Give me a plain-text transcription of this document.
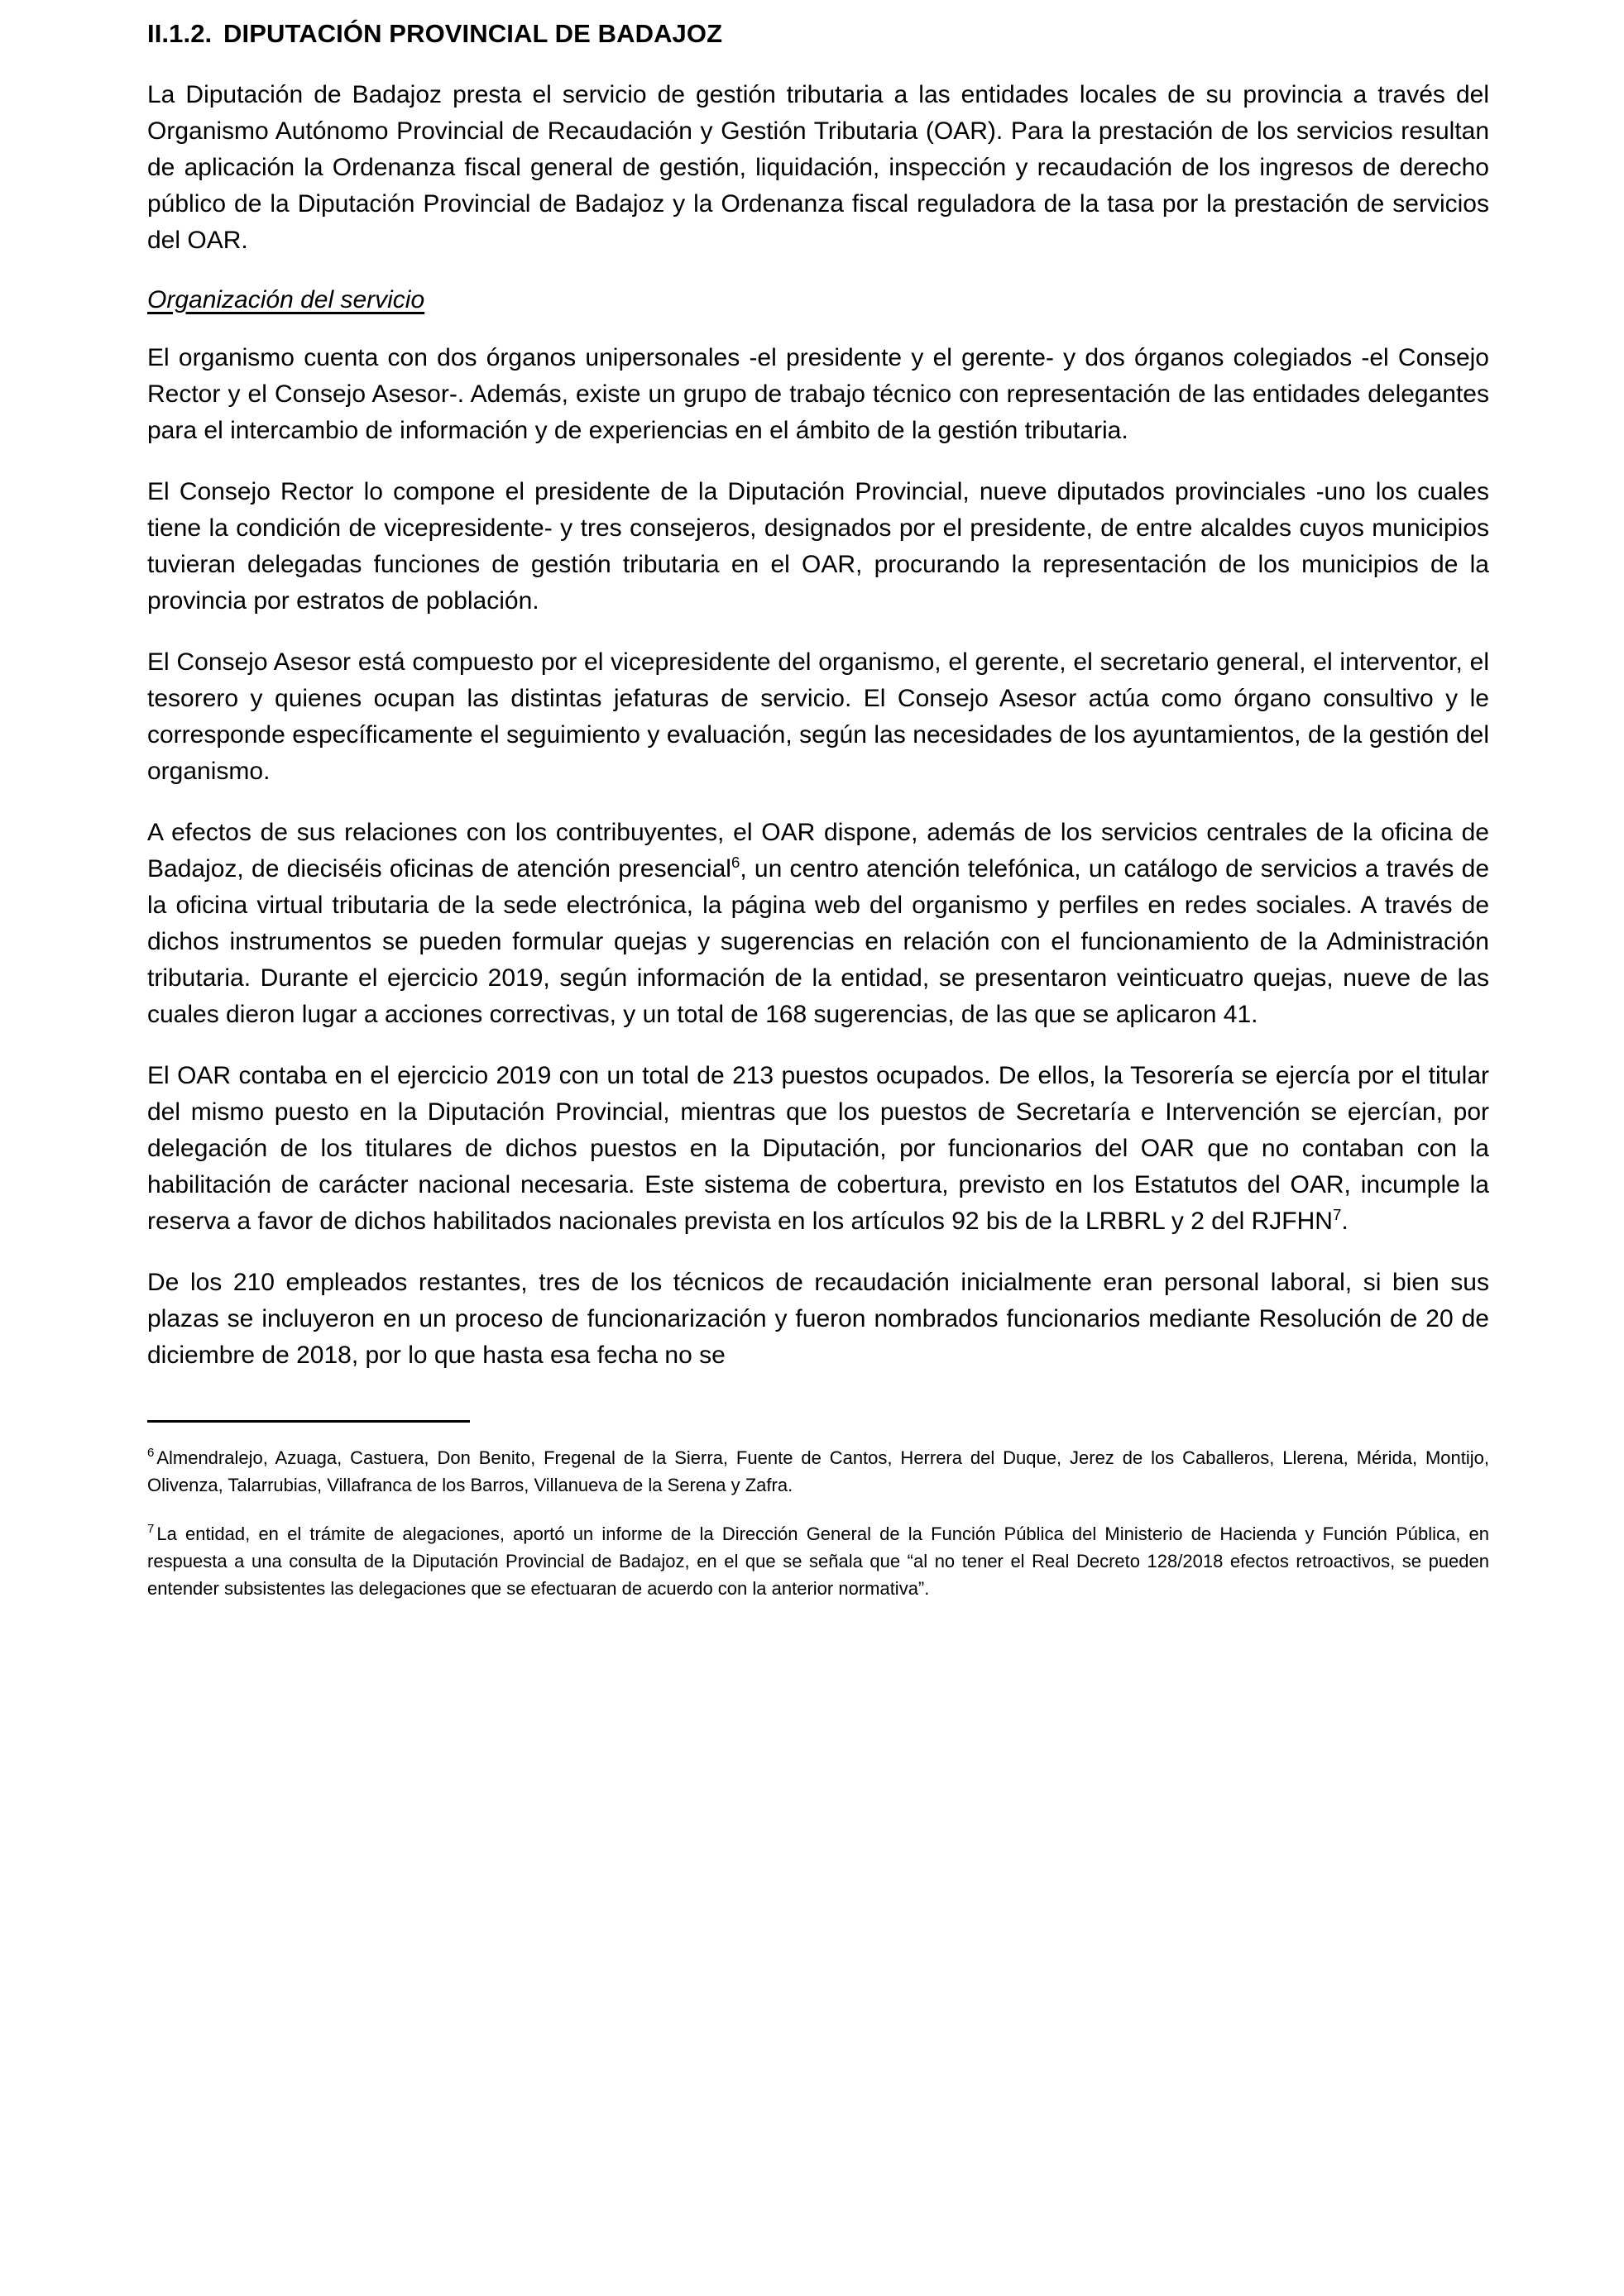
II.1.2. DIPUTACIÓN PROVINCIAL DE BADAJOZ

La Diputación de Badajoz presta el servicio de gestión tributaria a las entidades locales de su provincia a través del Organismo Autónomo Provincial de Recaudación y Gestión Tributaria (OAR). Para la prestación de los servicios resultan de aplicación la Ordenanza fiscal general de gestión, liquidación, inspección y recaudación de los ingresos de derecho público de la Diputación Provincial de Badajoz y la Ordenanza fiscal reguladora de la tasa por la prestación de servicios del OAR.

Organización del servicio

El organismo cuenta con dos órganos unipersonales -el presidente y el gerente- y dos órganos colegiados -el Consejo Rector y el Consejo Asesor-. Además, existe un grupo de trabajo técnico con representación de las entidades delegantes para el intercambio de información y de experiencias en el ámbito de la gestión tributaria.

El Consejo Rector lo compone el presidente de la Diputación Provincial, nueve diputados provinciales -uno los cuales tiene la condición de vicepresidente- y tres consejeros, designados por el presidente, de entre alcaldes cuyos municipios tuvieran delegadas funciones de gestión tributaria en el OAR, procurando la representación de los municipios de la provincia por estratos de población.

El Consejo Asesor está compuesto por el vicepresidente del organismo, el gerente, el secretario general, el interventor, el tesorero y quienes ocupan las distintas jefaturas de servicio. El Consejo Asesor actúa como órgano consultivo y le corresponde específicamente el seguimiento y evaluación, según las necesidades de los ayuntamientos, de la gestión del organismo.

A efectos de sus relaciones con los contribuyentes, el OAR dispone, además de los servicios centrales de la oficina de Badajoz, de dieciséis oficinas de atención presencial$^6$, un centro atención telefónica, un catálogo de servicios a través de la oficina virtual tributaria de la sede electrónica, la página web del organismo y perfiles en redes sociales. A través de dichos instrumentos se pueden formular quejas y sugerencias en relación con el funcionamiento de la Administración tributaria. Durante el ejercicio 2019, según información de la entidad, se presentaron veinticuatro quejas, nueve de las cuales dieron lugar a acciones correctivas, y un total de 168 sugerencias, de las que se aplicaron 41.

El OAR contaba en el ejercicio 2019 con un total de 213 puestos ocupados. De ellos, la Tesorería se ejercía por el titular del mismo puesto en la Diputación Provincial, mientras que los puestos de Secretaría e Intervención se ejercían, por delegación de los titulares de dichos puestos en la Diputación, por funcionarios del OAR que no contaban con la habilitación de carácter nacional necesaria. Este sistema de cobertura, previsto en los Estatutos del OAR, incumple la reserva a favor de dichos habilitados nacionales prevista en los artículos 92 bis de la LRBRL y 2 del RJFHN$^7$.

De los 210 empleados restantes, tres de los técnicos de recaudación inicialmente eran personal laboral, si bien sus plazas se incluyeron en un proceso de funcionarización y fueron nombrados funcionarios mediante Resolución de 20 de diciembre de 2018, por lo que hasta esa fecha no se

$^6$ Almendralejo, Azuaga, Castuera, Don Benito, Fregenal de la Sierra, Fuente de Cantos, Herrera del Duque, Jerez de los Caballeros, Llerena, Mérida, Montijo, Olivenza, Talarrubias, Villafranca de los Barros, Villanueva de la Serena y Zafra.

$^7$ La entidad, en el trámite de alegaciones, aportó un informe de la Dirección General de la Función Pública del Ministerio de Hacienda y Función Pública, en respuesta a una consulta de la Diputación Provincial de Badajoz, en el que se señala que “al no tener el Real Decreto 128/2018 efectos retroactivos, se pueden entender subsistentes las delegaciones que se efectuaran de acuerdo con la anterior normativa”.
